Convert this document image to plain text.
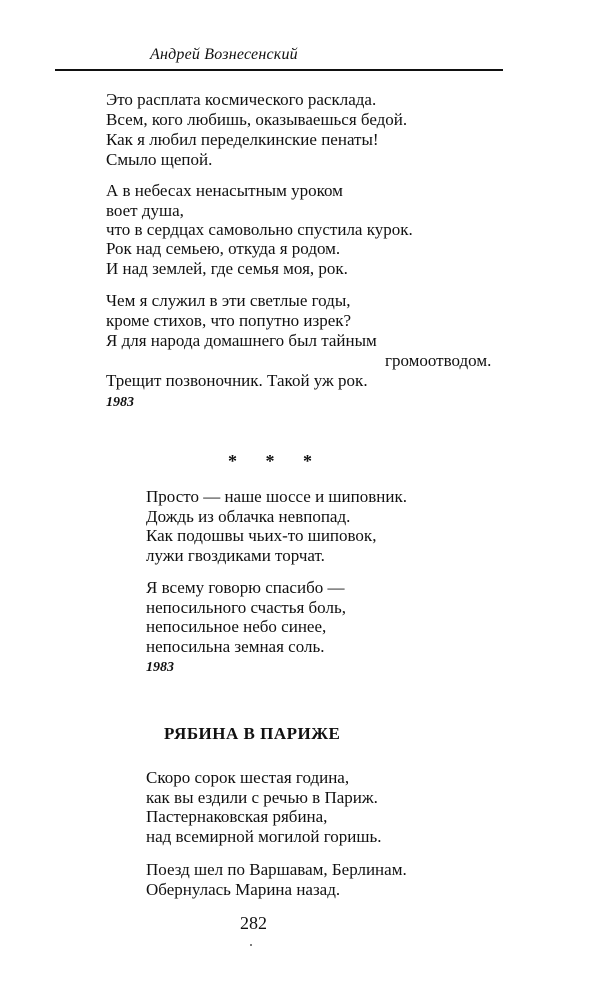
Андрей Вознесенский
Это расплата космического расклада.
Всем, кого любишь, оказываешься бедой.
Как я любил переделкинские пенаты!
Смыло щепой.
А в небесах ненасытным уроком
воет душа,
что в сердцах самовольно спустила курок.
Рок над семьею, откуда я родом.
И над землей, где семья моя, рок.
Чем я служил в эти светлые годы,
кроме стихов, что попутно изрек?
Я для народа домашнего был тайным
громоотводом.
Трещит позвоночник. Такой уж рок.
1983
* * *
Просто — наше шоссе и шиповник.
Дождь из облачка невпопад.
Как подошвы чьих-то шиповок,
лужи гвоздиками торчат.
Я всему говорю спасибо —
непосильного счастья боль,
непосильное небо синее,
непосильна земная соль.
1983
РЯБИНА В ПАРИЖЕ
Скоро сорок шестая година,
как вы ездили с речью в Париж.
Пастернаковская рябина,
над всемирной могилой горишь.
Поезд шел по Варшавам, Берлинам.
Обернулась Марина назад.
282
